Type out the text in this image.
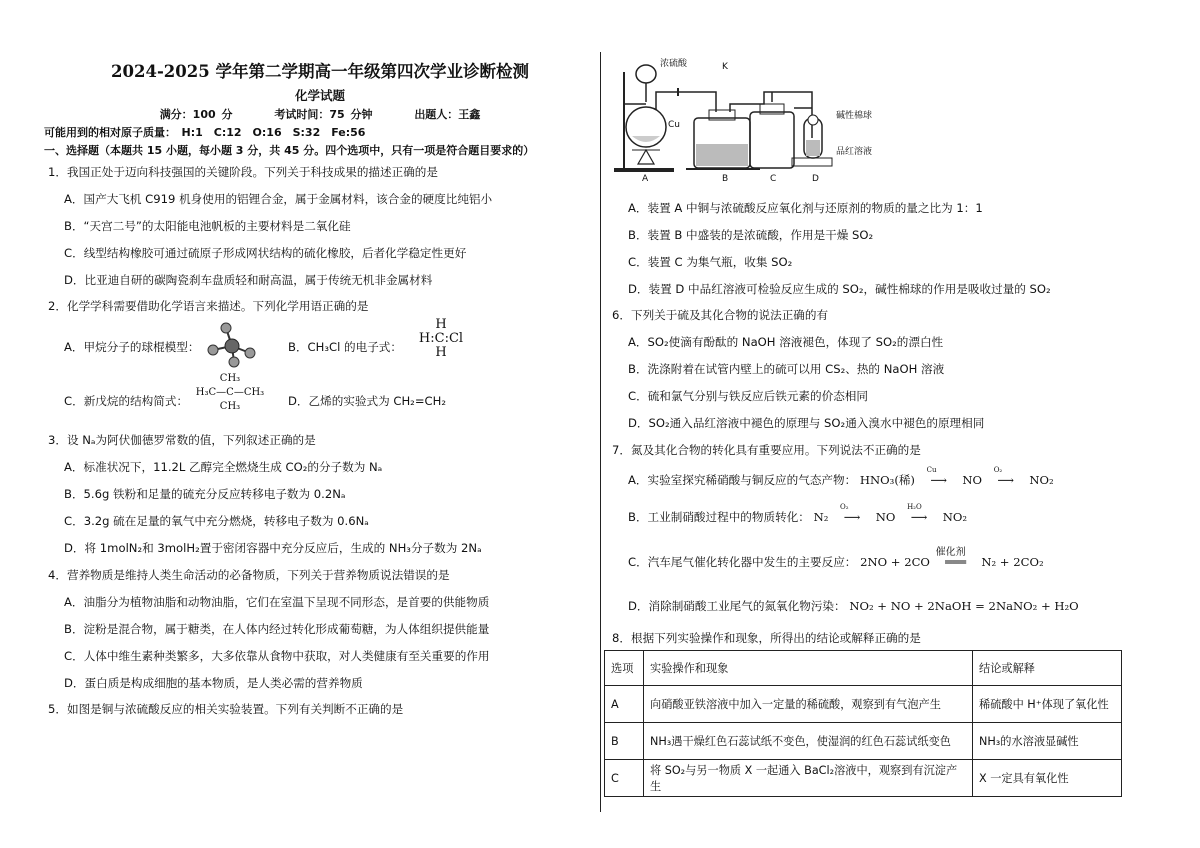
2024-2025 学年第二学期高一年级第四次学业诊断检测
化学试题
满分：100 分	考试时间：75 分钟	出题人：王鑫
可能用到的相对原子质量：　H:1　C:12　O:16　S:32　Fe:56
一、选择题（本题共 15 小题，每小题 3 分，共 45 分。四个选项中，只有一项是符合题目要求的）
1．我国正处于迈向科技强国的关键阶段。下列关于科技成果的描述正确的是
A．国产大飞机 C919 机身使用的铝锂合金，属于金属材料，该合金的硬度比纯铝小
B．“天宫二号”的太阳能电池帆板的主要材料是二氧化硅
C．线型结构橡胶可通过硫原子形成网状结构的硫化橡胶，后者化学稳定性更好
D．比亚迪自研的碳陶瓷刹车盘质轻和耐高温，属于传统无机非金属材料
2．化学学科需要借助化学语言来描述。下列化学用语正确的是
A．甲烷分子的球棍模型：	B．CH₃Cl 的电子式：
H
H:C:Cl
H
C．新戊烷的结构简式：
CH₃
H₃C—C—CH₃
CH₃	D．乙烯的实验式为 CH₂=CH₂
3．设 Nₐ为阿伏伽德罗常数的值，下列叙述正确的是
A．标准状况下，11.2L 乙醇完全燃烧生成 CO₂的分子数为 Nₐ
B．5.6g 铁粉和足量的硫充分反应转移电子数为 0.2Nₐ
C．3.2g 硫在足量的氧气中充分燃烧，转移电子数为 0.6Nₐ
D．将 1molN₂和 3molH₂置于密闭容器中充分反应后，生成的 NH₃分子数为 2Nₐ
4．营养物质是维持人类生命活动的必备物质，下列关于营养物质说法错误的是
A．油脂分为植物油脂和动物油脂，它们在室温下呈现不同形态，是首要的供能物质
B．淀粉是混合物，属于糖类，在人体内经过转化形成葡萄糖，为人体组织提供能量
C．人体中维生素种类繁多，大多依靠从食物中获取，对人类健康有至关重要的作用
D．蛋白质是构成细胞的基本物质，是人类必需的营养物质
5．如图是铜与浓硫酸反应的相关实验装置。下列有关判断不正确的是
浓硫酸	K
Cu
碱性棉球
品红溶液
A	B	C	D
A．装置 A 中铜与浓硫酸反应氧化剂与还原剂的物质的量之比为 1：1
B．装置 B 中盛装的是浓硫酸，作用是干燥 SO₂
C．装置 C 为集气瓶，收集 SO₂
D．装置 D 中品红溶液可检验反应生成的 SO₂，碱性棉球的作用是吸收过量的 SO₂
6．下列关于硫及其化合物的说法正确的有
A．SO₂使滴有酚酞的 NaOH 溶液褪色，体现了 SO₂的漂白性
B．洗涤附着在试管内壁上的硫可以用 CS₂、热的 NaOH 溶液
C．硫和氯气分别与铁反应后铁元素的价态相同
D．SO₂通入品红溶液中褪色的原理与 SO₂通入溴水中褪色的原理相同
7．氮及其化合物的转化具有重要应用。下列说法不正确的是
A．实验室探究稀硝酸与铜反应的气态产物： HNO₃(稀) ⟶
Cu
NO ⟶
O₂
NO₂
B．工业制硝酸过程中的物质转化： N₂ ⟶
O₂
NO ⟶
H₂O
NO₂
C．汽车尾气催化转化器中发生的主要反应： 2NO + 2CO
催化剂
═══ N₂ + 2CO₂
D．消除制硝酸工业尾气的氮氧化物污染： NO₂ + NO + 2NaOH = 2NaNO₂ + H₂O
8．根据下列实验操作和现象，所得出的结论或解释正确的是
选项	实验操作和现象	结论或解释
A	向硝酸亚铁溶液中加入一定量的稀硫酸，观察到有气泡产生	稀硫酸中 H⁺体现了氧化性
B	NH₃遇干燥红色石蕊试纸不变色，使湿润的红色石蕊试纸变色	NH₃的水溶液显碱性
C	将 SO₂与另一物质 X 一起通入 BaCl₂溶液中，观察到有沉淀产生	X 一定具有氧化性
